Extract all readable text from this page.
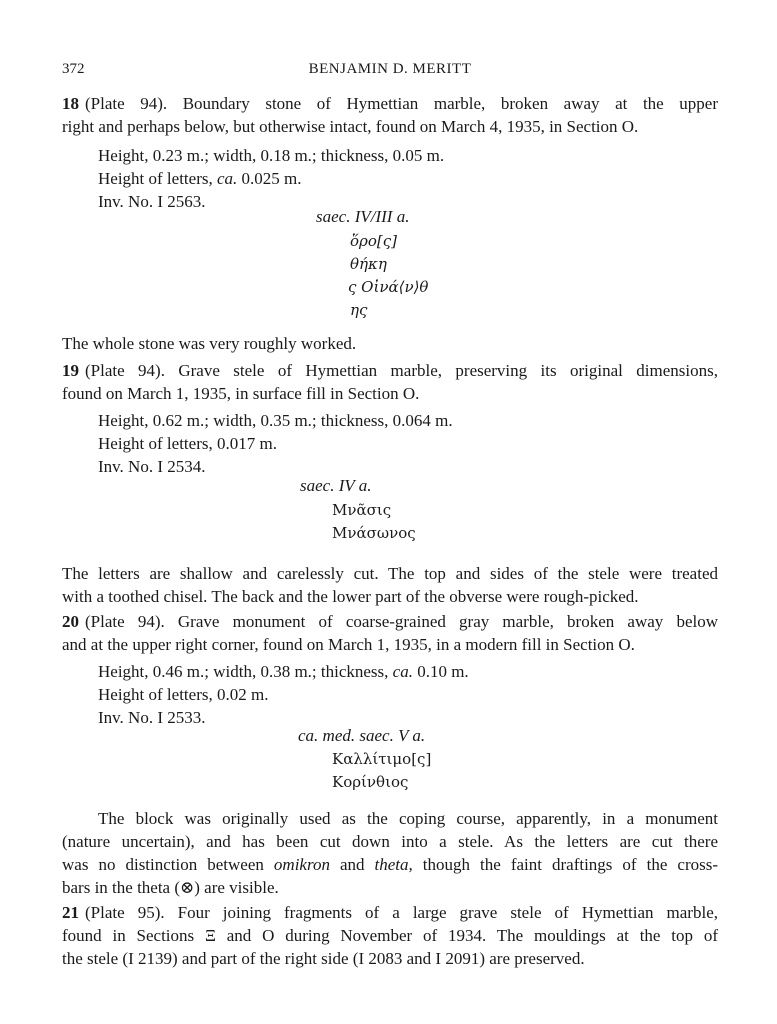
372	BENJAMIN D. MERITT
18 (Plate 94). Boundary stone of Hymettian marble, broken away at the upper
right and perhaps below, but otherwise intact, found on March 4, 1935, in Section O.
Height, 0.23 m.; width, 0.18 m.; thickness, 0.05 m.
Height of letters, ca. 0.025 m.
Inv. No. I 2563.
saec. IV/III a.
ὅρο[ς]
θήκη
ς Οἰνά⟨ν⟩θ
ης
The whole stone was very roughly worked.
19 (Plate 94). Grave stele of Hymettian marble, preserving its original dimensions,
found on March 1, 1935, in surface fill in Section O.
Height, 0.62 m.; width, 0.35 m.; thickness, 0.064 m.
Height of letters, 0.017 m.
Inv. No. I 2534.
saec. IV a.
Μνᾶσις
Μνάσωνος
The letters are shallow and carelessly cut. The top and sides of the stele were treated
with a toothed chisel. The back and the lower part of the obverse were rough-picked.
20 (Plate 94). Grave monument of coarse-grained gray marble, broken away below
and at the upper right corner, found on March 1, 1935, in a modern fill in Section O.
Height, 0.46 m.; width, 0.38 m.; thickness, ca. 0.10 m.
Height of letters, 0.02 m.
Inv. No. I 2533.
ca. med. saec. V a.
Καλλίτιμο[ς]
Κορίνθιος
The block was originally used as the coping course, apparently, in a monument
(nature uncertain), and has been cut down into a stele. As the letters are cut there
was no distinction between omikron and theta, though the faint draftings of the cross-
bars in the theta (⊗) are visible.
21 (Plate 95). Four joining fragments of a large grave stele of Hymettian marble,
found in Sections Ξ and O during November of 1934. The mouldings at the top of
the stele (I 2139) and part of the right side (I 2083 and I 2091) are preserved.
